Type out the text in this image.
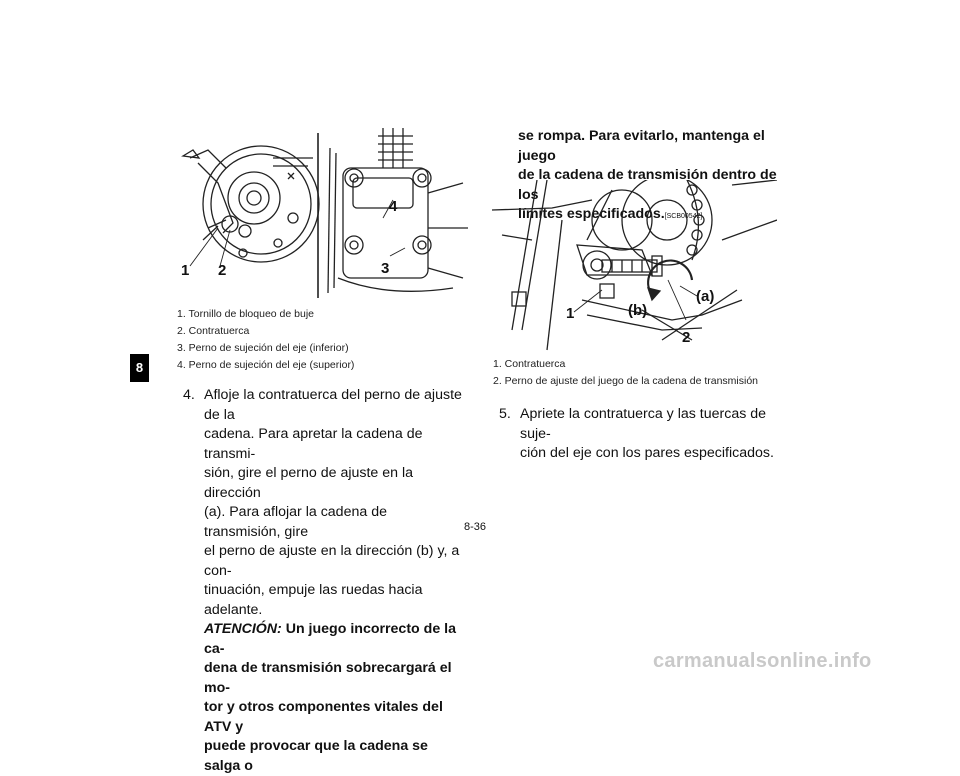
8
1 2
4
3
1. Tornillo de bloqueo de buje
2. Contratuerca
3. Perno de sujeción del eje (inferior)
4. Perno de sujeción del eje (superior)
4. Afloje la contratuerca del perno de ajuste de la
cadena. Para apretar la cadena de transmi-
sión, gire el perno de ajuste en la dirección
(a). Para aflojar la cadena de transmisión, gire
el perno de ajuste en la dirección (b) y, a con-
tinuación, empuje las ruedas hacia adelante.
ATENCIÓN: Un juego incorrecto de la ca-
dena de transmisión sobrecargará el mo-
tor y otros componentes vitales del ATV y
puede provocar que la cadena se salga o
se rompa. Para evitarlo, mantenga el juego
de la cadena de transmisión dentro de los
límites especificados.[SCB00542]
1	(b)
(a)
2
1. Contratuerca
2. Perno de ajuste del juego de la cadena de transmisión
5. Apriete la contratuerca y las tuercas de suje-
ción del eje con los pares especificados.
8-36
carmanualsonline.info
